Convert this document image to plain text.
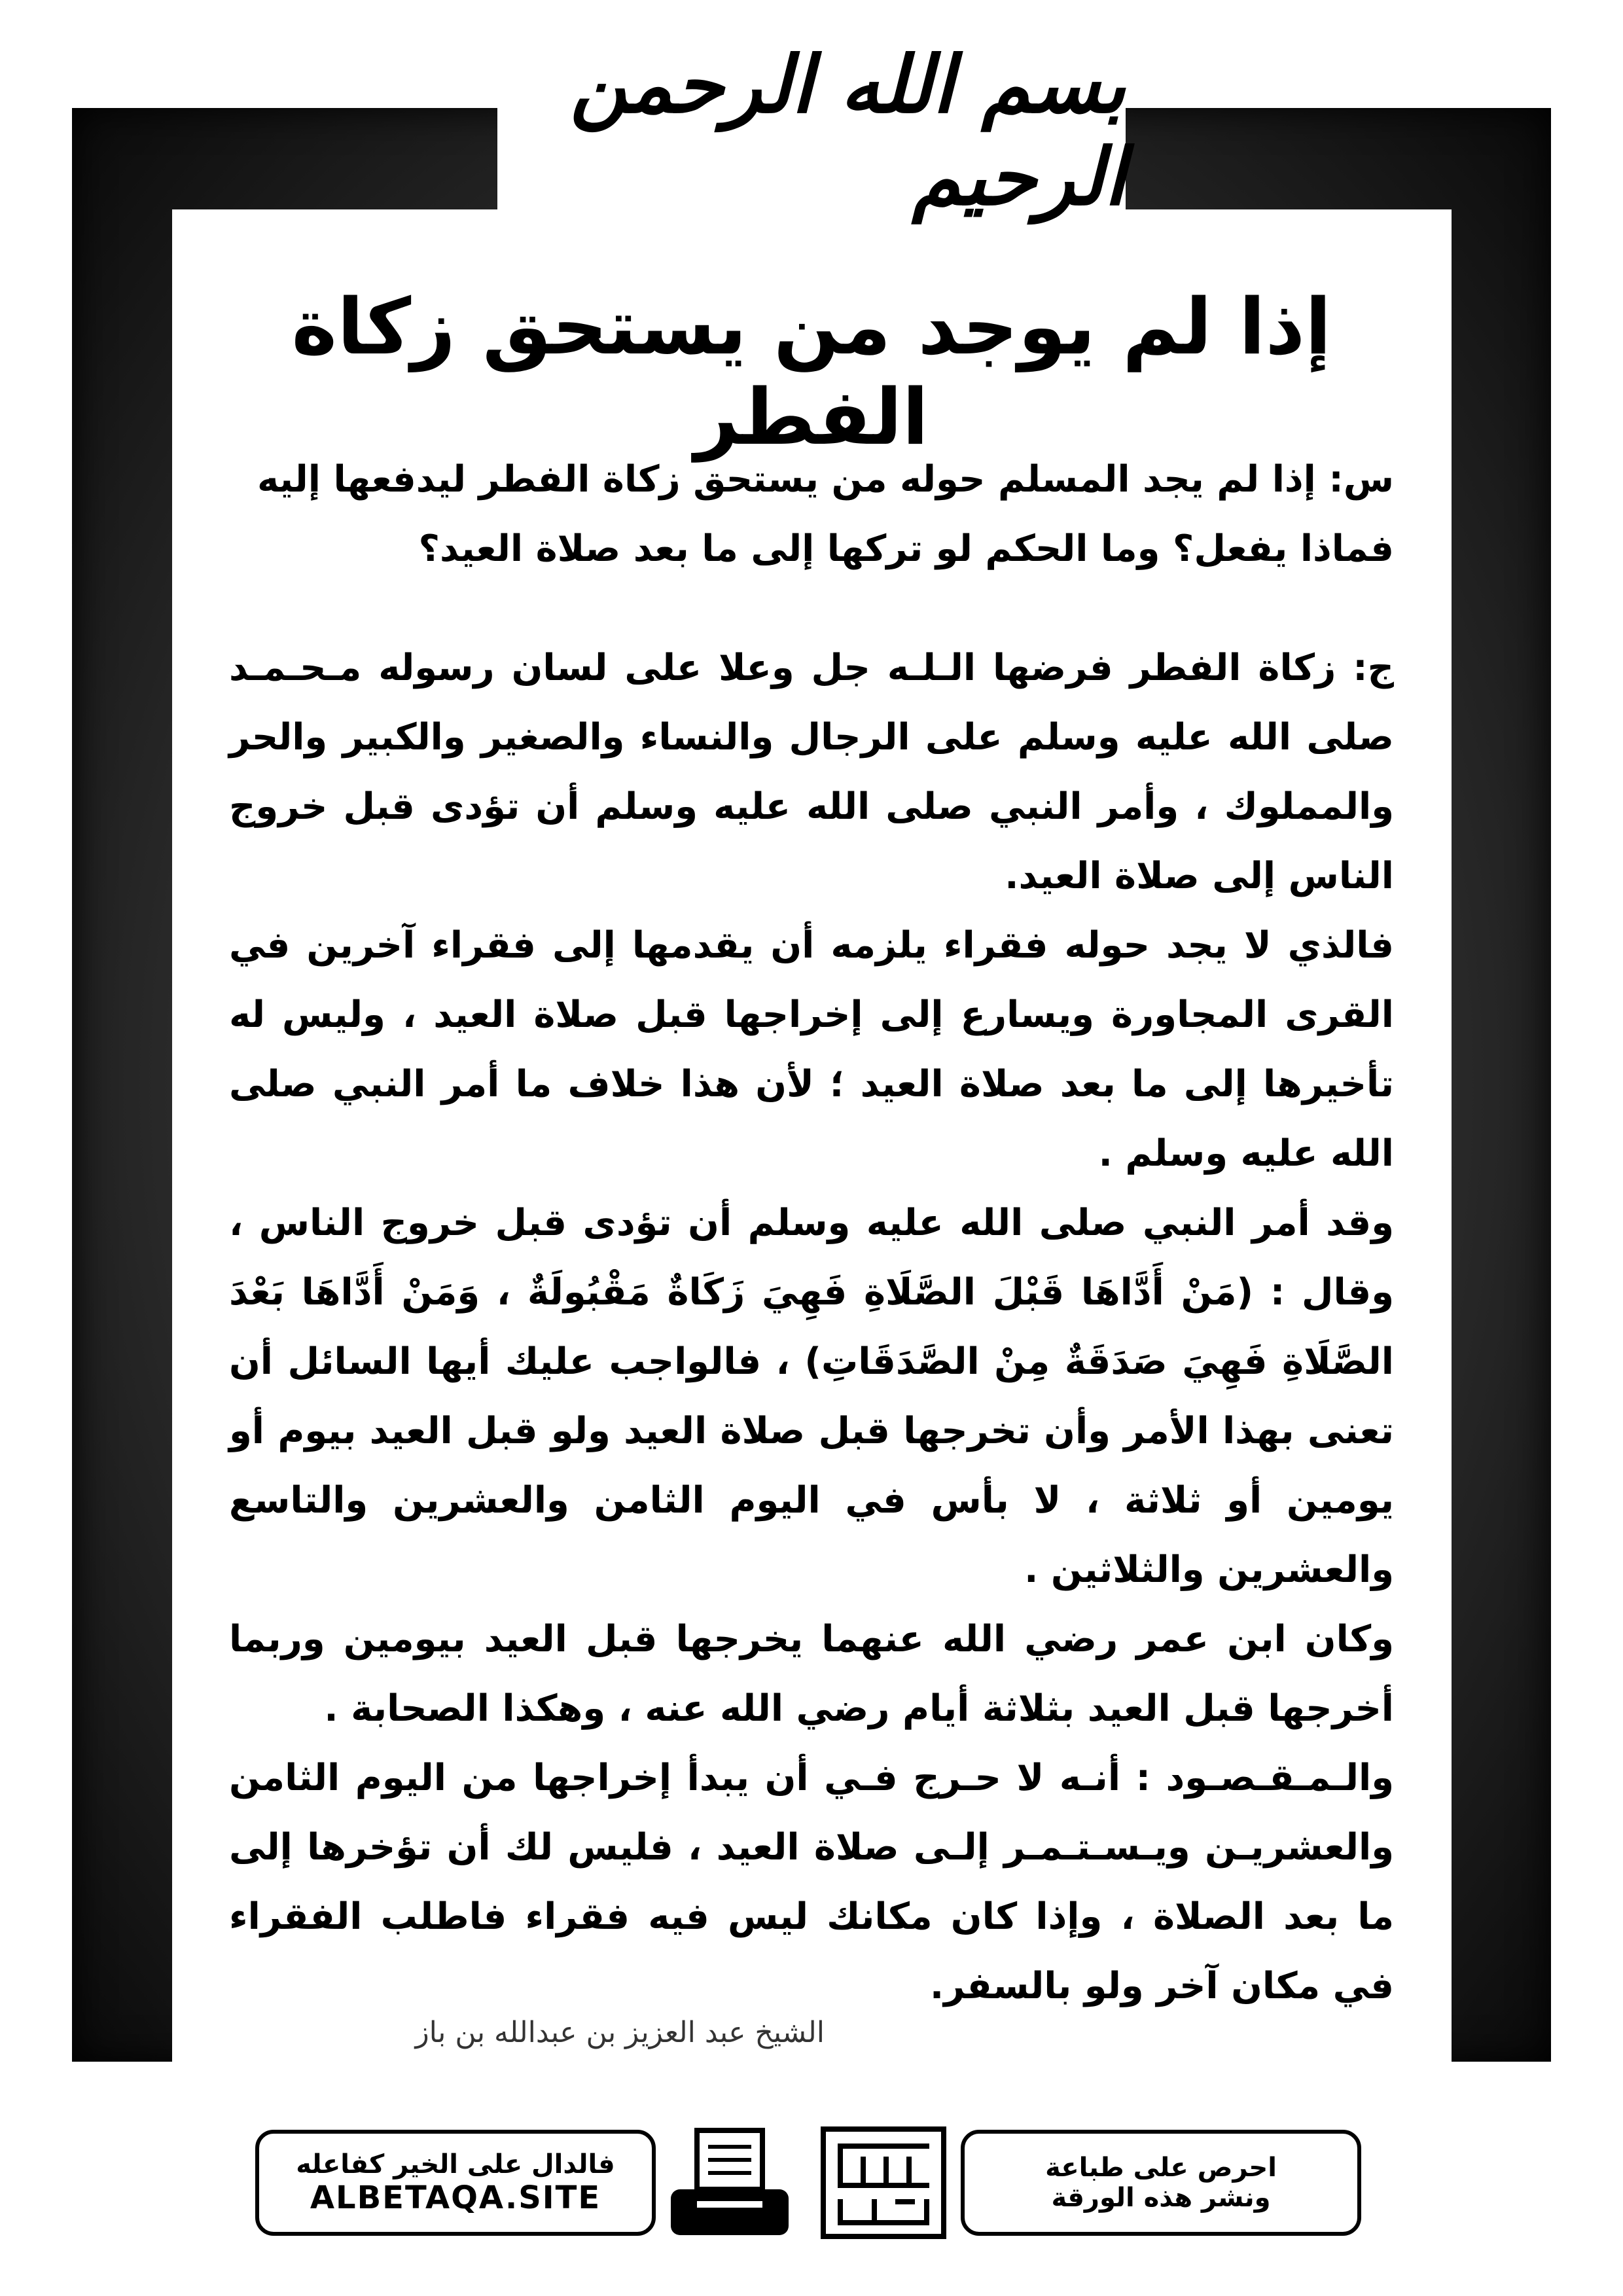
بسم الله الرحمن الرحيم
إذا لم يوجد من يستحق زكاة الفطر

س: إذا لم يجد المسلم حوله من يستحق زكاة الفطر ليدفعها إليه

فماذا يفعل؟ وما الحكم لو تركها إلى ما بعد صلاة العيد؟

ج: زكاة الفطر فرضها الـلـه جل وعلا على لسان رسوله مـحـمـد صلى الله عليه وسلم على الرجال والنساء والصغير والكبير والحر والمملوك ، وأمر النبي صلى الله عليه وسلم أن تؤدى قبل خروج الناس إلى صلاة العيد.

فالذي لا يجد حوله فقراء يلزمه أن يقدمها إلى فقراء آخرين في القرى المجاورة ويسارع إلى إخراجها قبل صلاة العيد ، وليس له تأخيرها إلى ما بعد صلاة العيد ؛ لأن هذا خلاف ما أمر النبي صلى الله عليه وسلم .

وقد أمر النبي صلى الله عليه وسلم أن تؤدى قبل خروج الناس ، وقال : (مَنْ أَدَّاهَا قَبْلَ الصَّلَاةِ فَهِيَ زَكَاةٌ مَقْبُولَةٌ ، وَمَنْ أَدَّاهَا بَعْدَ الصَّلَاةِ فَهِيَ صَدَقَةٌ مِنْ الصَّدَقَاتِ) ، فالواجب عليك أيها السائل أن تعنى بهذا الأمر وأن تخرجها قبل صلاة العيد ولو قبل العيد بيوم أو يومين أو ثلاثة ، لا بأس في اليوم الثامن والعشرين والتاسع والعشرين والثلاثين .

وكان ابن عمر رضي الله عنهما يخرجها قبل العيد بيومين وربما أخرجها قبل العيد بثلاثة أيام رضي الله عنه ، وهكذا الصحابة .

والـمـقـصـود : أنـه لا حـرج فـي أن يبدأ إخراجها من اليوم الثامن والعشريـن ويـسـتـمـر إلـى صلاة العيد ، فليس لك أن تؤخرها إلى ما بعد الصلاة ، وإذا كان مكانك ليس فيه فقراء فاطلب الفقراء في مكان آخر ولو بالسفر.

الشيخ عبد العزيز بن عبدالله بن باز
فالدال على الخير كفاعله
ALBETAQA.SITE
احرص على طباعة
ونشر هذه الورقة
